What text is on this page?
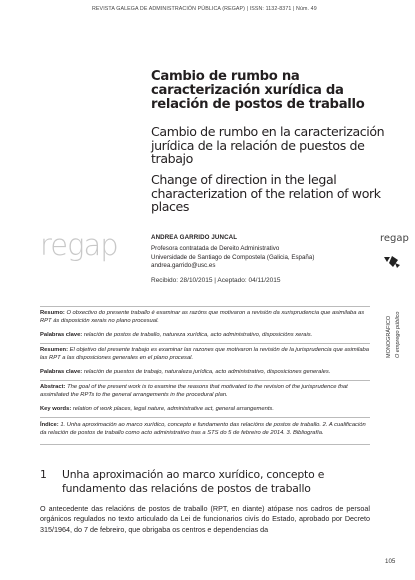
REVISTA GALEGA DE ADMINISTRACIÓN PÚBLICA (REGAP) | ISSN: 1132-8371 | Núm. 49
Cambio de rumbo na caracterización xurídica da relación de postos de traballo
Cambio de rumbo en la caracterización jurídica de la relación de puestos de trabajo
Change of direction in the legal characterization of the relation of work places
regap	ANDREA GARRIDO JUNCAL
Profesora contratada de Dereito Administrativo
Universidade de Santiago de Compostela (Galicia, España)
andrea.garrido@usc.es
Recibido: 28/10/2015 | Aceptado: 04/11/2015
regap
MONOGRÁFICO O emprego público
Resumo: O obxectivo do presente traballo é examinar as razóns que motivaron a revisión da xurisprudencia que asimilaba as RPT ás disposición xerais no plano procesual.
Palabras clave: relación de postos de traballo, natureza xurídica, acto administrativo, disposicións xerais.
Resumen: El objetivo del presente trabajo es examinar las razones que motivaron la revisión de la jurisprudencia que asimilaba las RPT a las disposiciones generales en el plano procesal.
Palabras clave: relación de puestos de trabajo, naturaleza jurídica, acto administrativo, disposiciones generales.
Abstract: The goal of the present work is to examine the reasons that motivated to the revision of the jurisprudence that assimilated the RPTs to the general arrangements in the procedural plan.
Key words: relation of work places, legal nature, administrative act, general arrangements.
Índice: 1. Unha aproximación ao marco xurídico, concepto e fundamento das relacións de postos de traballo. 2. A cualificación da relación de postos de traballo como acto administrativo tras a STS do 5 de febreiro de 2014. 3. Bibliografía.
1 Unha aproximación ao marco xurídico, concepto e fundamento das relacións de postos de traballo
O antecedente das relacións de postos de traballo (RPT, en diante) atópase nos cadros de persoal orgánicos regulados no texto articulado da Lei de funcionarios civís do Estado, aprobado por Decreto 315/1964, do 7 de febreiro, que obrigaba os centros e dependencias da
105
